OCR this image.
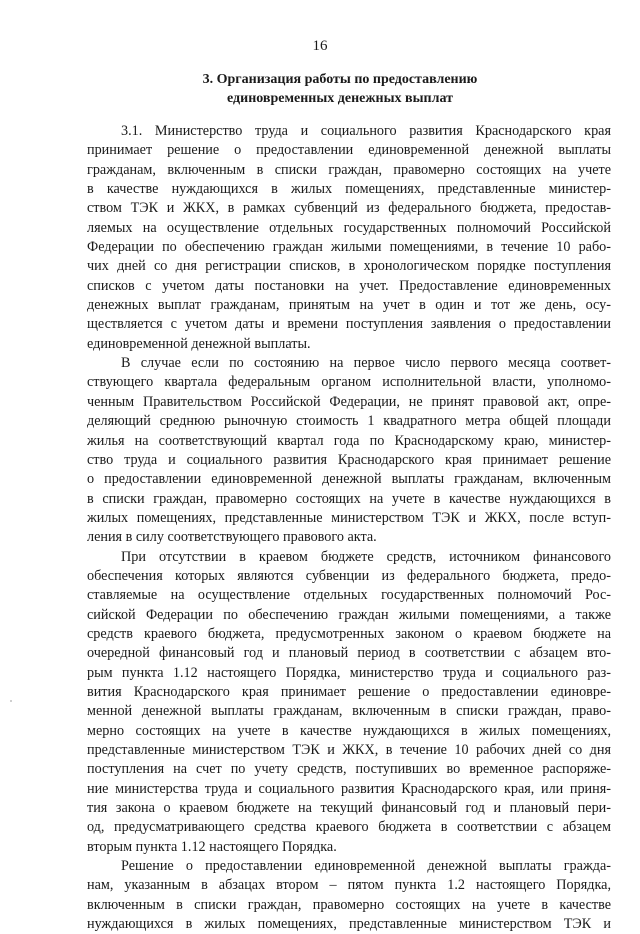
16
3. Организация работы по предоставлению
единовременных денежных выплат
3.1. Министерство труда и социального развития Краснодарского края
принимает решение о предоставлении единовременной денежной выплаты
гражданам, включенным в списки граждан, правомерно состоящих на учете
в качестве нуждающихся в жилых помещениях, представленные министер-
ством ТЭК и ЖКХ, в рамках субвенций из федерального бюджета, предостав-
ляемых на осуществление отдельных государственных полномочий Российской
Федерации по обеспечению граждан жилыми помещениями, в течение 10 рабо-
чих дней со дня регистрации списков, в хронологическом порядке поступления
списков с учетом даты постановки на учет. Предоставление единовременных
денежных выплат гражданам, принятым на учет в один и тот же день, осу-
ществляется с учетом даты и времени поступления заявления о предоставлении
единовременной денежной выплаты.
В случае если по состоянию на первое число первого месяца соответ-
ствующего квартала федеральным органом исполнительной власти, уполномо-
ченным Правительством Российской Федерации, не принят правовой акт, опре-
деляющий среднюю рыночную стоимость 1 квадратного метра общей площади
жилья на соответствующий квартал года по Краснодарскому краю, министер-
ство труда и социального развития Краснодарского края принимает решение
о предоставлении единовременной денежной выплаты гражданам, включенным
в списки граждан, правомерно состоящих на учете в качестве нуждающихся в
жилых помещениях, представленные министерством ТЭК и ЖКХ, после вступ-
ления в силу соответствующего правового акта.
При отсутствии в краевом бюджете средств, источником финансового
обеспечения которых являются субвенции из федерального бюджета, предо-
ставляемые на осуществление отдельных государственных полномочий Рос-
сийской Федерации по обеспечению граждан жилыми помещениями, а также
средств краевого бюджета, предусмотренных законом о краевом бюджете на
очередной финансовый год и плановый период в соответствии с абзацем вто-
рым пункта 1.12 настоящего Порядка, министерство труда и социального раз-
вития Краснодарского края принимает решение о предоставлении единовре-
менной денежной выплаты гражданам, включенным в списки граждан, право-
мерно состоящих на учете в качестве нуждающихся в жилых помещениях,
представленные министерством ТЭК и ЖКХ, в течение 10 рабочих дней со дня
поступления на счет по учету средств, поступивших во временное распоряже-
ние министерства труда и социального развития Краснодарского края, или приня-
тия закона о краевом бюджете на текущий финансовый год и плановый пери-
од, предусматривающего средства краевого бюджета в соответствии с абзацем
вторым пункта 1.12 настоящего Порядка.
Решение о предоставлении единовременной денежной выплаты гражда-
нам, указанным в абзацах втором – пятом пункта 1.2 настоящего Порядка,
включенным в списки граждан, правомерно состоящих на учете в качестве
нуждающихся в жилых помещениях, представленные министерством ТЭК и
